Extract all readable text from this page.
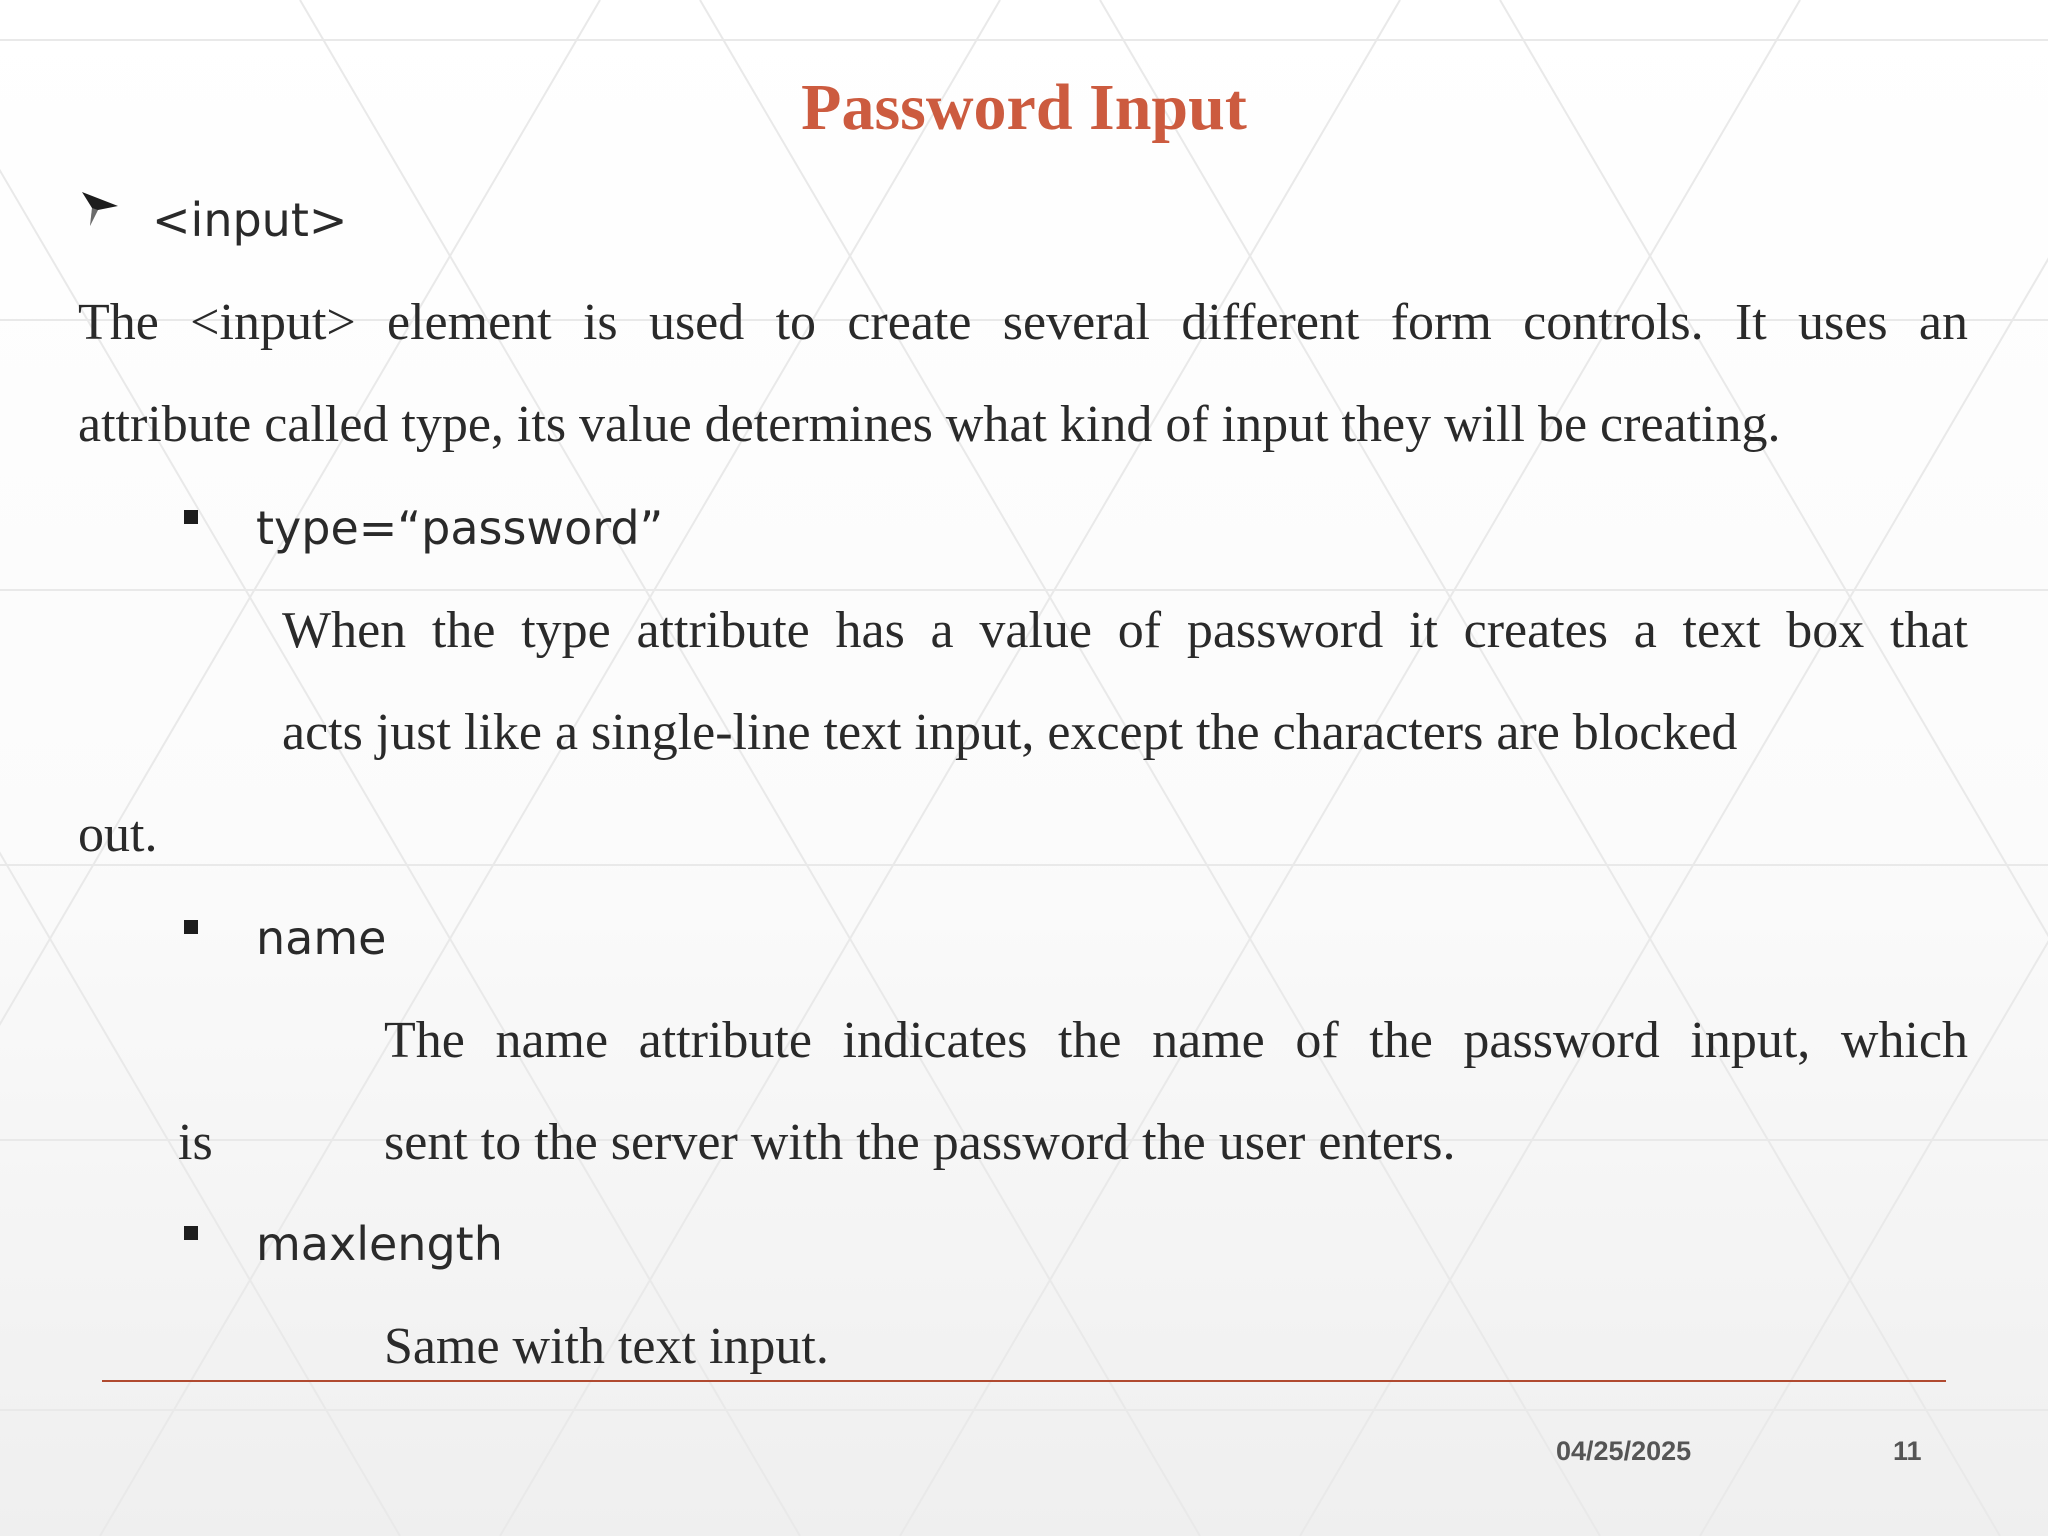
Password Input
<input>
The <input> element is used to create several different form controls. It uses an
attribute called type, its value determines what kind of input they will be creating.
type=“password”
When the type attribute has a value of password it creates a text box that
acts just like a single-line text input, except the characters are blocked
out.
name
The name attribute indicates the name of the password input, which
is	sent to the server with the password the user enters.
maxlength
Same with text input.
04/25/2025	11
